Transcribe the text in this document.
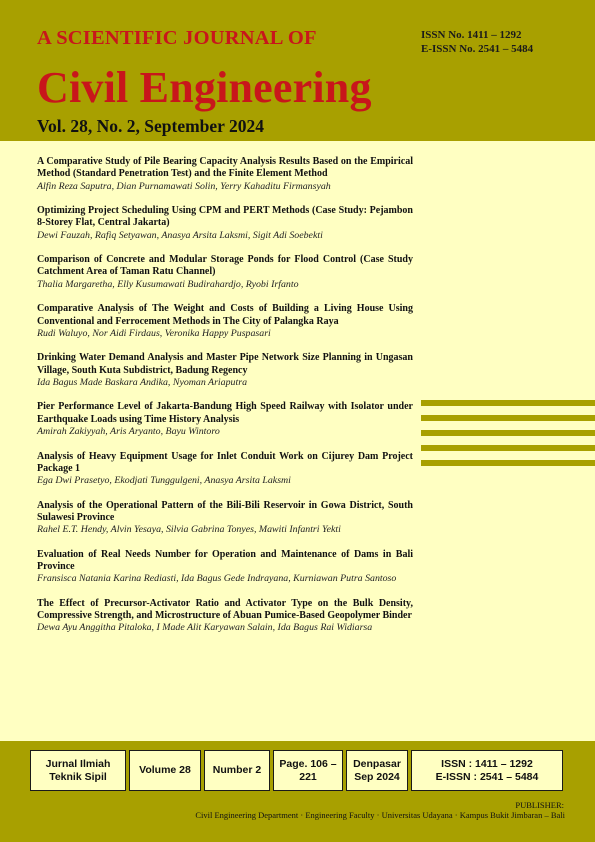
A SCIENTIFIC JOURNAL OF
Civil Engineering
ISSN No. 1411 – 1292
E-ISSN No. 2541 – 5484
Vol. 28, No. 2, September 2024
A Comparative Study of Pile Bearing Capacity Analysis Results Based on the Empirical Method (Standard Penetration Test) and the Finite Element Method
Alfin Reza Saputra, Dian Purnamawati Solin, Yerry Kahaditu Firmansyah
Optimizing Project Scheduling Using CPM and PERT Methods (Case Study: Pejambon 8-Storey Flat, Central Jakarta)
Dewi Fauzah, Rafiq Setyawan, Anasya Arsita Laksmi, Sigit Adi Soebekti
Comparison of Concrete and Modular Storage Ponds for Flood Control (Case Study Catchment Area of Taman Ratu Channel)
Thalia Margaretha, Elly Kusumawati Budirahardjo, Ryobi Irfanto
Comparative Analysis of The Weight and Costs of Building a Living House Using Conventional and Ferrocement Methods in The City of Palangka Raya
Rudi Waluyo, Nor Aidi Firdaus, Veronika Happy Puspasari
Drinking Water Demand Analysis and Master Pipe Network Size Planning in Ungasan Village, South Kuta Subdistrict, Badung Regency
Ida Bagus Made Baskara Andika, Nyoman Ariaputra
Pier Performance Level of Jakarta-Bandung High Speed Railway with Isolator under Earthquake Loads using Time History Analysis
Amirah Zakiyyah, Aris Aryanto, Bayu Wintoro
Analysis of Heavy Equipment Usage for Inlet Conduit Work on Cijurey Dam Project Package 1
Ega Dwi Prasetyo, Ekodjati Tunggulgeni, Anasya Arsita Laksmi
Analysis of the Operational Pattern of the Bili-Bili Reservoir in Gowa District, South Sulawesi Province
Rahel E.T. Hendy, Alvin Yesaya, Silvia Gabrina Tonyes, Mawiti Infantri Yekti
Evaluation of Real Needs Number for Operation and Maintenance of Dams in Bali Province
Fransisca Natania Karina Rediasti, Ida Bagus Gede Indrayana, Kurniawan Putra Santoso
The Effect of Precursor-Activator Ratio and Activator Type on the Bulk Density, Compressive Strength, and Microstructure of Abuan Pumice-Based Geopolymer Binder
Dewa Ayu Anggitha Pitaloka, I Made Alit Karyawan Salain, Ida Bagus Rai Widiarsa
Jurnal Ilmiah
Teknik Sipil
Volume 28 Number 2
Page. 106 –
221
Denpasar
Sep 2024
ISSN : 1411 – 1292
E-ISSN : 2541 – 5484
PUBLISHER:
Civil Engineering Department · Engineering Faculty · Universitas Udayana · Kampus Bukit Jimbaran – Bali
